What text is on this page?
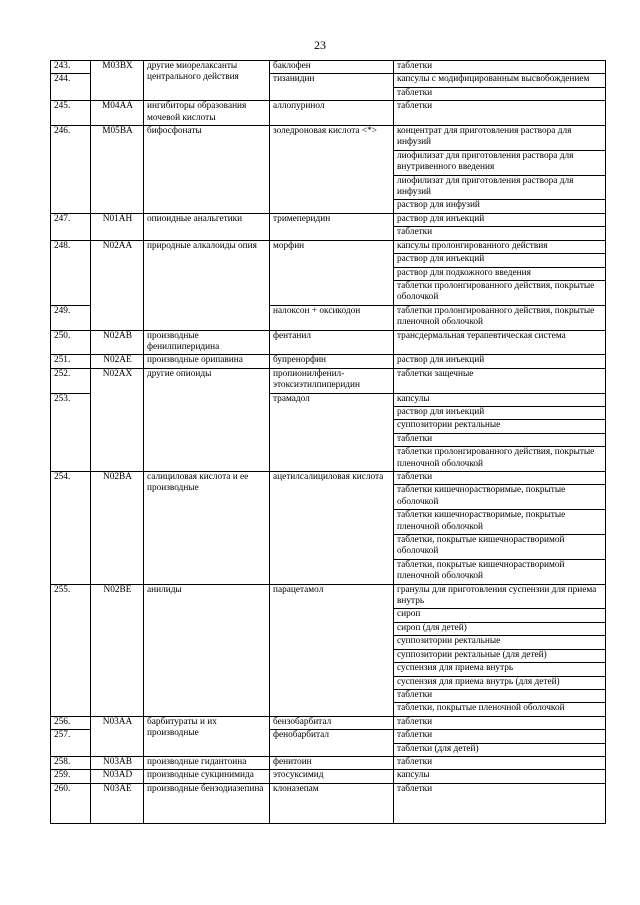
23
243.	M03BX	другие миорелаксанты центрального действия	баклофен	таблетки
244.			тизанидин	капсулы с модифицированным высвобождением
				таблетки
245.	M04AA	ингибиторы образования мочевой кислоты	аллопуринол	таблетки
246.	M05BA	бифосфонаты	золедроновая кислота <*>	концентрат для приготовления раствора для инфузий
				лиофилизат для приготовления раствора для внутривенного введения
				лиофилизат для приготовления раствора для инфузий
				раствор для инфузий
247.	N01AH	опиоидные анальгетики	тримеперидин	раствор для инъекций
				таблетки
248.	N02AA	природные алкалоиды опия	морфин	капсулы пролонгированного действия
				раствор для инъекций
				раствор для подкожного введения
				таблетки пролонгированного действия, покрытые оболочкой
249.			налоксон + оксикодон	таблетки пролонгированного действия, покрытые пленочной оболочкой
250.	N02AB	производные фенилпиперидина	фентанил	трансдермальная терапевтическая система
251.	N02AE	производные орипавина	бупренорфин	раствор для инъекций
252.	N02AX	другие опиоиды	пропионилфенил-этоксиэтилпиперидин	таблетки защечные
253.			трамадол	капсулы
				раствор для инъекций
				суппозитории ректальные
				таблетки
				таблетки пролонгированного действия, покрытые пленочной оболочкой
254.	N02BA	салициловая кислота и ее производные	ацетилсалициловая кислота	таблетки
				таблетки кишечнорастворимые, покрытые оболочкой
				таблетки кишечнорастворимые, покрытые пленочной оболочкой
				таблетки, покрытые кишечнорастворимой оболочкой
				таблетки, покрытые кишечнорастворимой пленочной оболочкой
255.	N02BE	анилиды	парацетамол	гранулы для приготовления суспензии для приема внутрь
				сироп
				сироп (для детей)
				суппозитории ректальные
				суппозитории ректальные (для детей)
				суспензия для приема внутрь
				суспензия для приема внутрь (для детей)
				таблетки
				таблетки, покрытые пленочной оболочкой
256.	N03AA	барбитураты и их производные	бензобарбитал	таблетки
257.			фенобарбитал	таблетки
				таблетки (для детей)
258.	N03AB	производные гидантоина	фенитоин	таблетки
259.	N03AD	производные сукцинимида	этосуксимид	капсулы
260.	N03AE	производные бензодиазепина	клоназепам	таблетки
